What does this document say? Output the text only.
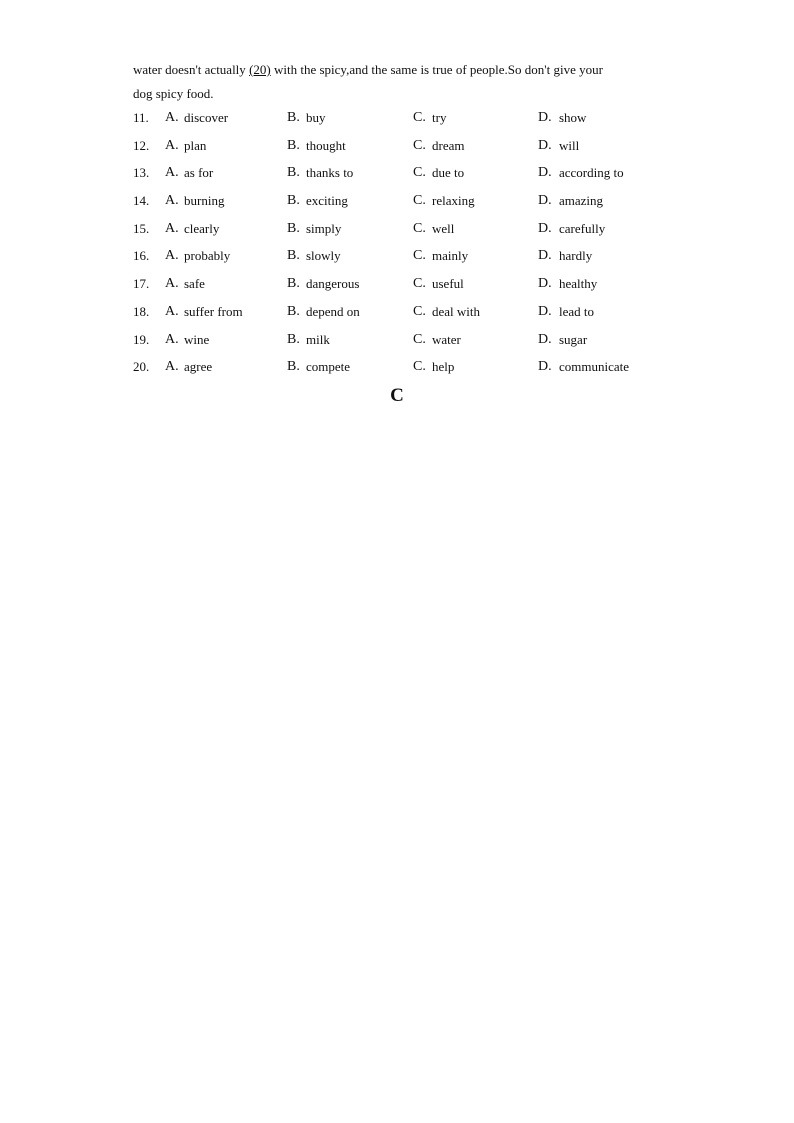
water doesn't actually (20) with the spicy,and the same is true of people.So don't give your
dog spicy food.
11. A. discover	B. buy	C. try	D. show
12. A. plan	B. thought	C. dream	D. will
13. A. as for	B. thanks to	C. due to	D. according to
14. A. burning	B. exciting	C. relaxing	D. amazing
15. A. clearly	B. simply	C. well	D. carefully
16. A. probably	B. slowly	C. mainly	D. hardly
17. A. safe	B. dangerous	C. useful	D. healthy
18. A. suffer from	B. depend on	C. deal with	D. lead to
19. A. wine	B. milk	C. water	D. sugar
20. A. agree	B. compete	C. help	D. communicate
C
